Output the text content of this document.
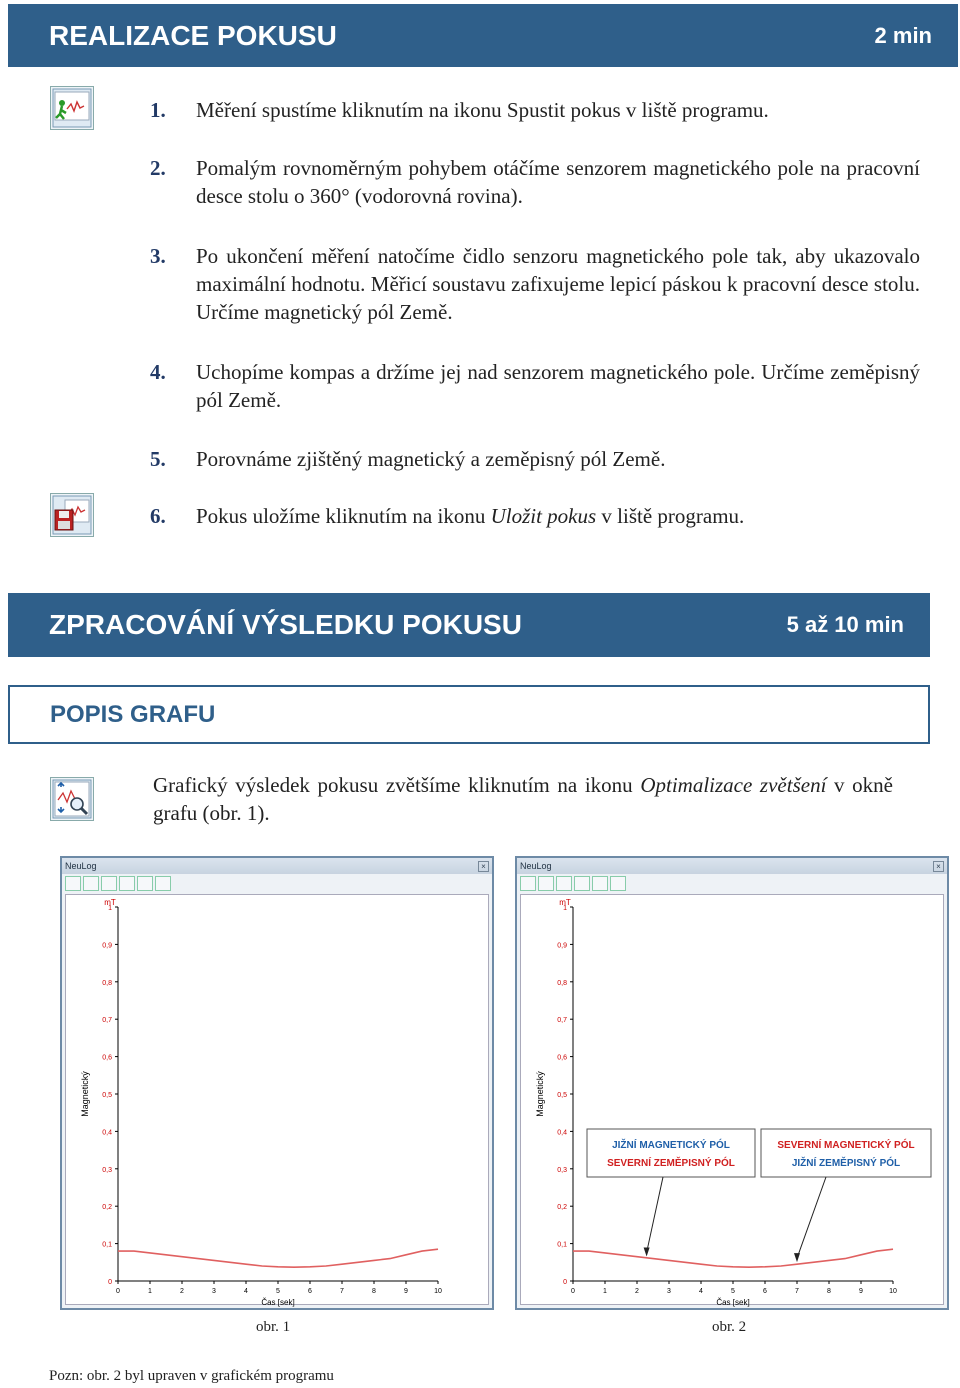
REALIZACE POKUSU	2 min
1.	Měření spustíme kliknutím na ikonu Spustit pokus v liště programu.
2.	Pomalým rovnoměrným pohybem otáčíme senzorem magnetického pole na pracovní desce stolu o 360° (vodorovná rovina).
3.	Po ukončení měření natočíme čidlo senzoru magnetického pole tak, aby ukazovalo maximální hodnotu. Měřicí soustavu zafixujeme lepicí páskou k pracovní desce stolu. Určíme magnetický pól Země.
4.	Uchopíme kompas a držíme jej nad senzorem magnetického pole. Určíme zeměpisný pól Země.
5.	Porovnáme zjištěný magnetický a zeměpisný pól Země.
6.	Pokus uložíme kliknutím na ikonu Uložit pokus v liště programu.
ZPRACOVÁNÍ VÝSLEDKU POKUSU	5 až 10 min
POPIS GRAFU
Grafický výsledek pokusu zvětšíme kliknutím na ikonu Optimalizace zvětšení v okně grafu (obr. 1).
NeuLog	×
mT
0
0,1
0,2
0,3
0,4
0,5
0,6
0,7
0,8
0,9
1
0	1	2	3	4	5	6	7	8	9	10
Čas [sek]
Magnetický
NeuLog	×
mT
0
0,1
0,2
0,3
0,4
0,5
0,6
0,7
0,8
0,9
1
0	1	2	3	4	5	6	7	8	9	10
Čas [sek]
Magnetický
JIŽNÍ MAGNETICKÝ PÓL
SEVERNÍ ZEMĚPISNÝ PÓL
SEVERNÍ MAGNETICKÝ PÓL
JIŽNÍ ZEMĚPISNÝ PÓL
obr. 1	obr. 2
Pozn: obr. 2 byl upraven v grafickém programu
